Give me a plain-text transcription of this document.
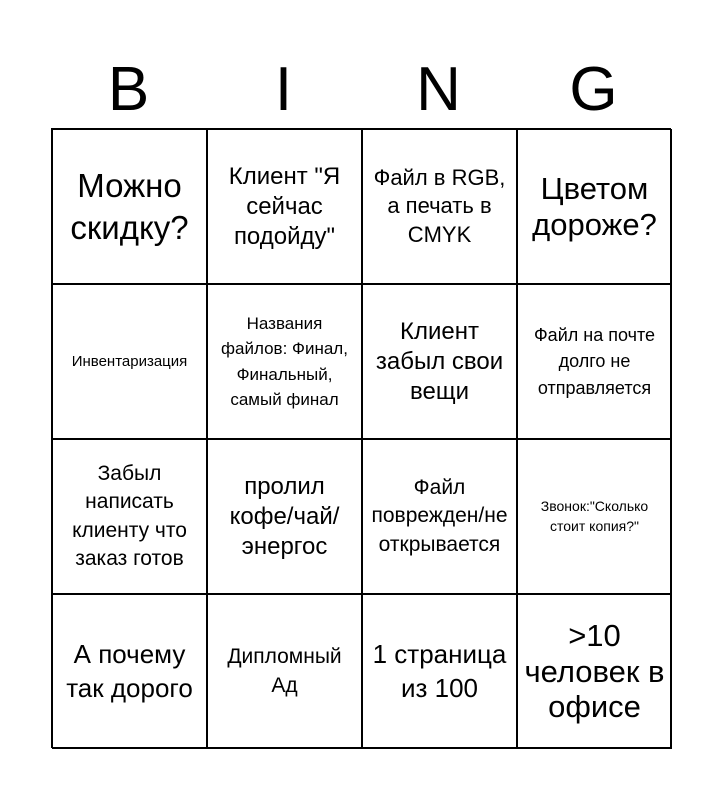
B	I	N	G
Можно скидку?
Клиент "Я сейчас подойду"
Файл в RGB, а печать в CMYK
Цветом дороже?
Инвентаризация
Названия файлов: Финал, Финальный, самый финал
Клиент забыл свои вещи
Файл на почте долго не отправляется
Забыл написать клиенту что заказ готов
пролил кофе/чай/энергос
Файл поврежден/не открывается
Звонок:"Сколько стоит копия?"
А почему так дорого
Дипломный Ад
1 страница из 100
>10 человек в офисе
